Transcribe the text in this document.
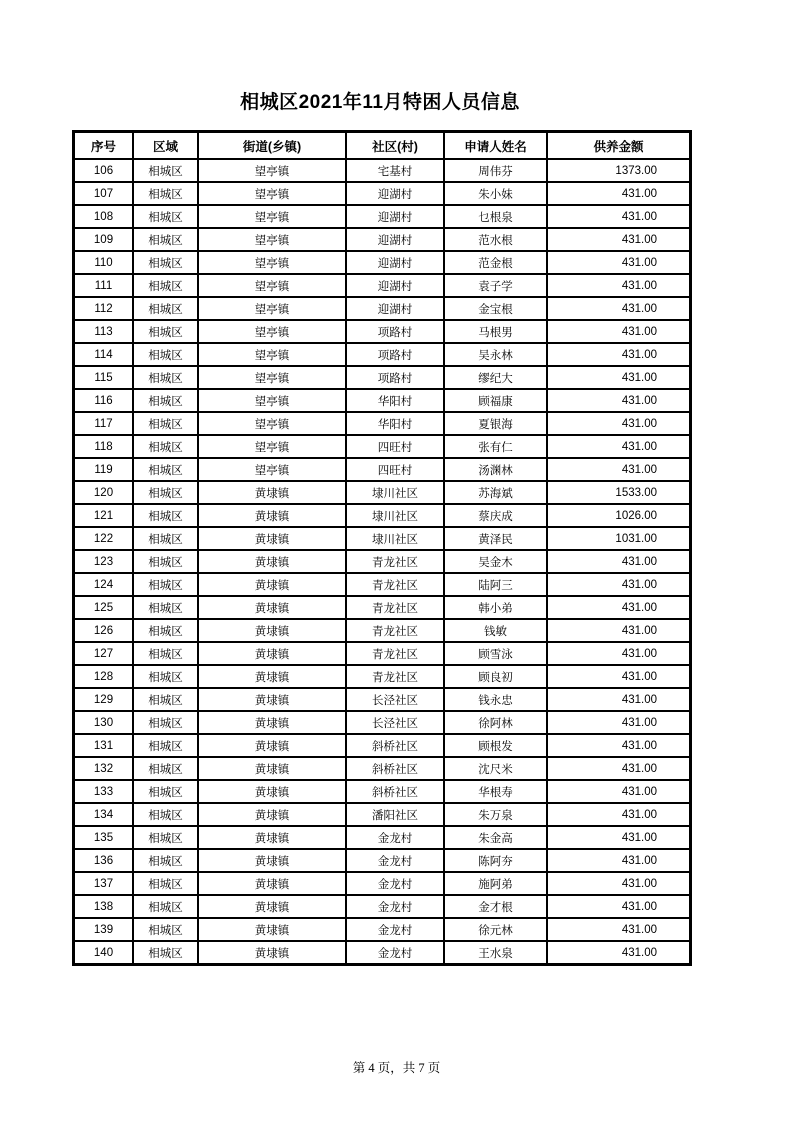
相城区2021年11月特困人员信息
序号	区域	街道(乡镇)	社区(村)	申请人姓名	供养金额
106	相城区	望亭镇	宅基村	周伟芬	1373.00
107	相城区	望亭镇	迎湖村	朱小妹	431.00
108	相城区	望亭镇	迎湖村	乜根泉	431.00
109	相城区	望亭镇	迎湖村	范水根	431.00
110	相城区	望亭镇	迎湖村	范金根	431.00
111	相城区	望亭镇	迎湖村	袁子学	431.00
112	相城区	望亭镇	迎湖村	金宝根	431.00
113	相城区	望亭镇	项路村	马根男	431.00
114	相城区	望亭镇	项路村	吴永林	431.00
115	相城区	望亭镇	项路村	缪纪大	431.00
116	相城区	望亭镇	华阳村	顾福康	431.00
117	相城区	望亭镇	华阳村	夏银海	431.00
118	相城区	望亭镇	四旺村	张有仁	431.00
119	相城区	望亭镇	四旺村	汤渊林	431.00
120	相城区	黄埭镇	埭川社区	苏海斌	1533.00
121	相城区	黄埭镇	埭川社区	蔡庆成	1026.00
122	相城区	黄埭镇	埭川社区	黄泽民	1031.00
123	相城区	黄埭镇	青龙社区	吴金木	431.00
124	相城区	黄埭镇	青龙社区	陆阿三	431.00
125	相城区	黄埭镇	青龙社区	韩小弟	431.00
126	相城区	黄埭镇	青龙社区	钱敏	431.00
127	相城区	黄埭镇	青龙社区	顾雪泳	431.00
128	相城区	黄埭镇	青龙社区	顾良初	431.00
129	相城区	黄埭镇	长泾社区	钱永忠	431.00
130	相城区	黄埭镇	长泾社区	徐阿林	431.00
131	相城区	黄埭镇	斜桥社区	顾根发	431.00
132	相城区	黄埭镇	斜桥社区	沈尺米	431.00
133	相城区	黄埭镇	斜桥社区	华根寿	431.00
134	相城区	黄埭镇	潘阳社区	朱万泉	431.00
135	相城区	黄埭镇	金龙村	朱金高	431.00
136	相城区	黄埭镇	金龙村	陈阿夯	431.00
137	相城区	黄埭镇	金龙村	施阿弟	431.00
138	相城区	黄埭镇	金龙村	金才根	431.00
139	相城区	黄埭镇	金龙村	徐元林	431.00
140	相城区	黄埭镇	金龙村	王水泉	431.00
第 4 页，共 7 页
